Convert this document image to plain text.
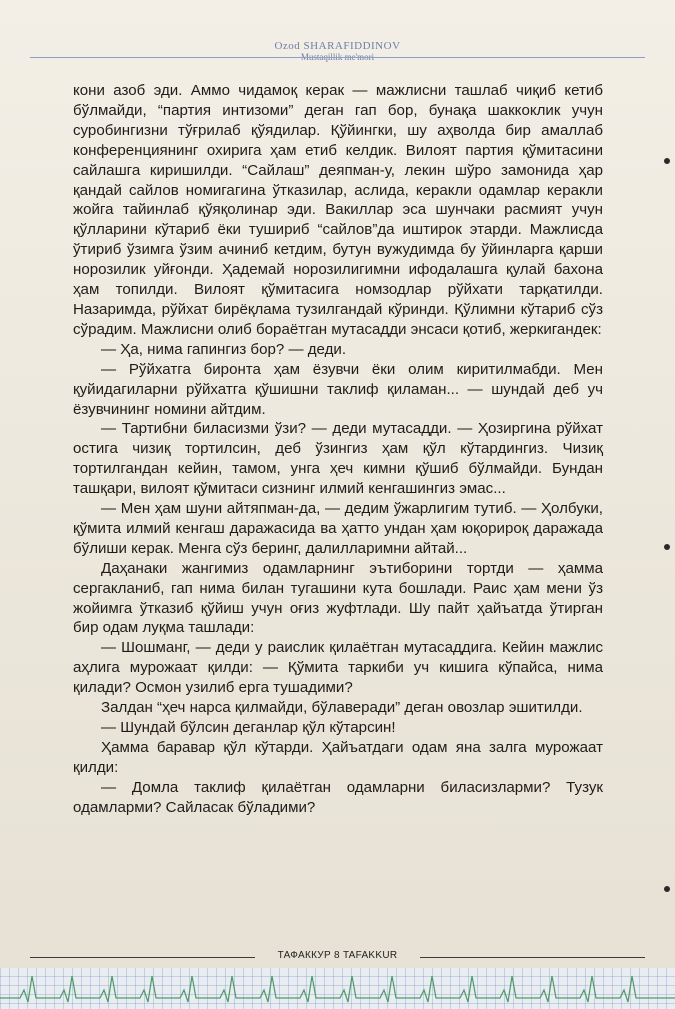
Ozod SHARAFIDDINOV
Mustaqillik me'mori

кони азоб эди. Аммо чидамоқ керак — мажлисни ташлаб чиқиб кетиб бўлмайди, “партия интизоми” деган гап бор, бунақа шаккоклик учун суробингизни тўғрилаб қўядилар. Қўйингки, шу аҳволда бир амаллаб конференциянинг охирига ҳам етиб келдик. Вилоят партия қўмитасини сайлашга киришилди. “Сайлаш” деяпман-у, лекин шўро замонида ҳар қандай сайлов номигагина ўтказилар, аслида, керакли одамлар керакли жойга тайинлаб қўяқолинар эди. Вакиллар эса шунчаки расмият учун қўлларини кўтариб ёки тушириб “сайлов”да иштирок этарди. Мажлисда ўтириб ўзимга ўзим ачиниб кетдим, бутун вужудимда бу ўйинларга қарши норозилик уйғонди. Ҳадемай норозилигимни ифодалашга қулай бахона ҳам топилди. Вилоят қўмитасига номзодлар рўйхати тарқатилди. Назаримда, рўйхат бирёқлама тузилгандай кўринди. Қўлимни кўтариб сўз сўрадим. Мажлисни олиб бораётган мутасадди энсаси қотиб, жеркигандек:

— Ҳа, нима гапингиз бор? — деди.

— Рўйхатга биронта ҳам ёзувчи ёки олим киритилмабди. Мен қуйидагиларни рўйхатга қўшишни таклиф қиламан... — шундай деб уч ёзувчининг номини айтдим.

— Тартибни биласизми ўзи? — деди мутасадди. — Ҳозиргина рўйхат остига чизиқ тортилсин, деб ўзингиз ҳам қўл кўтардингиз. Чизиқ тортилгандан кейин, тамом, унга ҳеч кимни қўшиб бўлмайди. Бундан ташқари, вилоят қўмитаси сизнинг илмий кенгашингиз эмас...

— Мен ҳам шуни айтяпман-да, — дедим ўжарлигим тутиб. — Ҳолбуки, қўмита илмий кенгаш даражасида ва ҳатто ундан ҳам юқорироқ даражада бўлиши керак. Менга сўз беринг, далилларимни айтай...

Даҳанаки жангимиз одамларнинг эътиборини тортди — ҳамма сергакланиб, гап нима билан тугашини кута бошлади. Раис ҳам мени ўз жойимга ўтказиб қўйиш учун оғиз жуфтлади. Шу пайт ҳайъатда ўтирган бир одам луқма ташлади:

— Шошманг, — деди у раислик қилаётган мутасаддига. Кейин мажлис аҳлига мурожаат қилди: — Қўмита таркиби уч кишига кўпайса, нима қилади? Осмон узилиб ерга тушадими?

Залдан “ҳеч нарса қилмайди, бўлаверади” деган овозлар эшитилди.

— Шундай бўлсин деганлар қўл кўтарсин!

Ҳамма баравар қўл кўтарди. Ҳайъатдаги одам яна залга мурожаат қилди:

— Домла таклиф қилаётган одамларни биласизларми? Тузук одамларми? Сайласак бўладими?

ТАФАККУР 8 TAFAKKUR
